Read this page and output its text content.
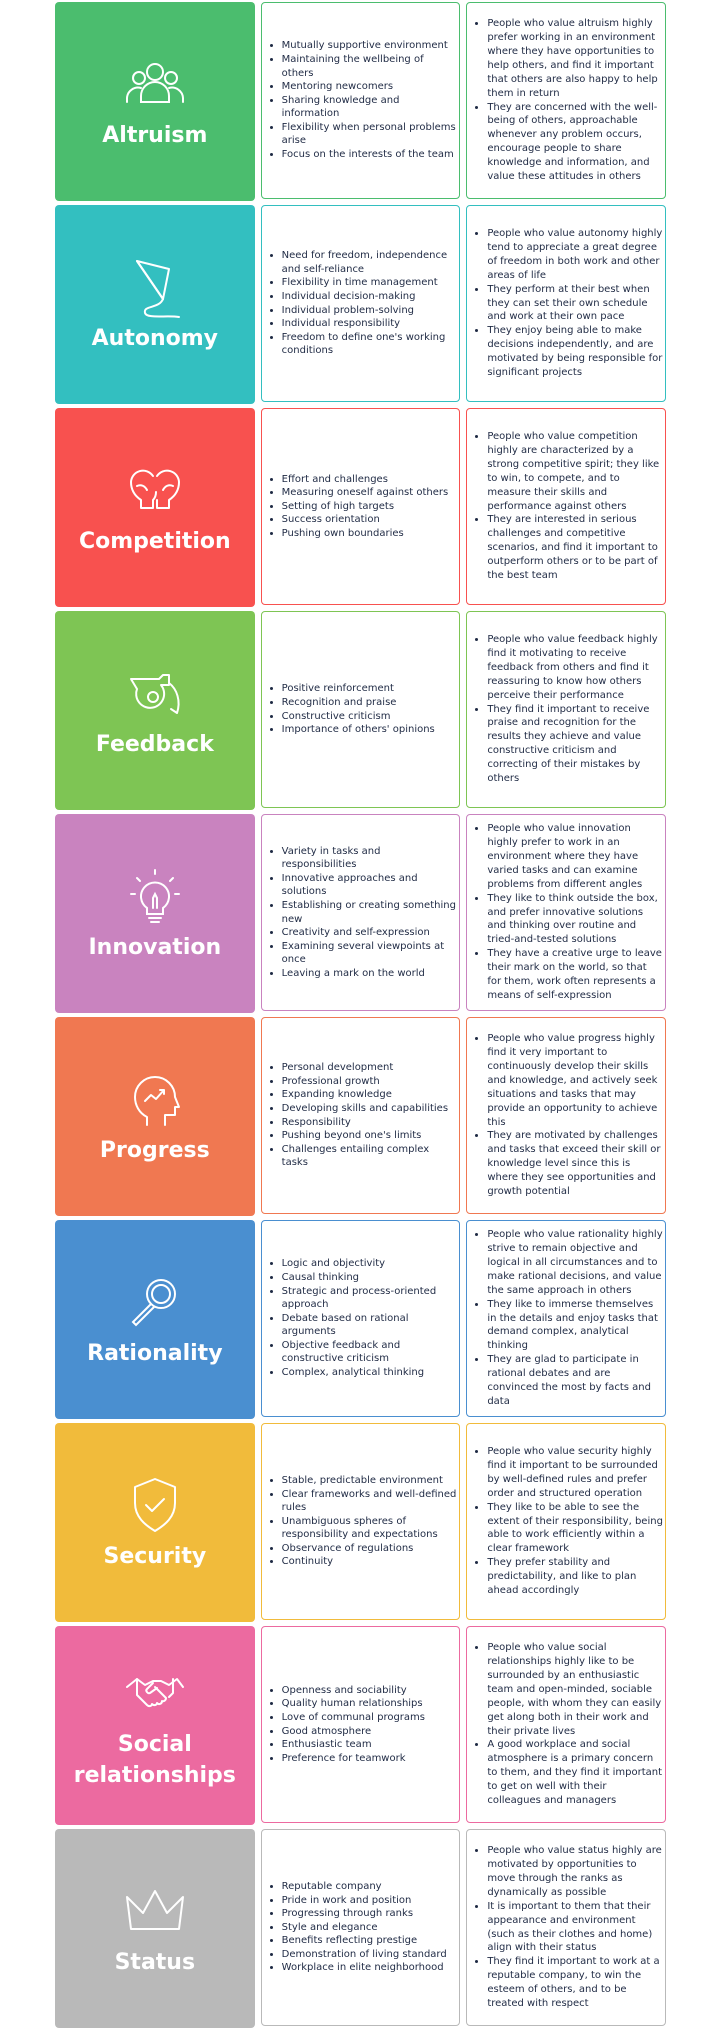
Altruism
• Mutually supportive environment
• Maintaining the wellbeing of others
• Mentoring newcomers
• Sharing knowledge and information
• Flexibility when personal problems arise
• Focus on the interests of the team
• People who value altruism highly prefer working in an environment where they have opportunities to help others, and find it important that others are also happy to help them in return
• They are concerned with the well-being of others, approachable whenever any problem occurs, encourage people to share knowledge and information, and value these attitudes in others
Autonomy
• Need for freedom, independence and self-reliance
• Flexibility in time management
• Individual decision-making
• Individual problem-solving
• Individual responsibility
• Freedom to define one's working conditions
• People who value autonomy highly tend to appreciate a great degree of freedom in both work and other areas of life
• They perform at their best when they can set their own schedule and work at their own pace
• They enjoy being able to make decisions independently, and are motivated by being responsible for significant projects
Competition
• Effort and challenges
• Measuring oneself against others
• Setting of high targets
• Success orientation
• Pushing own boundaries
• People who value competition highly are characterized by a strong competitive spirit; they like to win, to compete, and to measure their skills and performance against others
• They are interested in serious challenges and competitive scenarios, and find it important to outperform others or to be part of the best team
Feedback
• Positive reinforcement
• Recognition and praise
• Constructive criticism
• Importance of others' opinions
• People who value feedback highly find it motivating to receive feedback from others and find it reassuring to know how others perceive their performance
• They find it important to receive praise and recognition for the results they achieve and value constructive criticism and correcting of their mistakes by others
Innovation
• Variety in tasks and responsibilities
• Innovative approaches and solutions
• Establishing or creating something new
• Creativity and self-expression
• Examining several viewpoints at once
• Leaving a mark on the world
• People who value innovation highly prefer to work in an environment where they have varied tasks and can examine problems from different angles
• They like to think outside the box, and prefer innovative solutions and thinking over routine and tried-and-tested solutions
• They have a creative urge to leave their mark on the world, so that for them, work often represents a means of self-expression
Progress
• Personal development
• Professional growth
• Expanding knowledge
• Developing skills and capabilities
• Responsibility
• Pushing beyond one's limits
• Challenges entailing complex tasks
• People who value progress highly find it very important to continuously develop their skills and knowledge, and actively seek situations and tasks that may provide an opportunity to achieve this
• They are motivated by challenges and tasks that exceed their skill or knowledge level since this is where they see opportunities and growth potential
Rationality
• Logic and objectivity
• Causal thinking
• Strategic and process-oriented approach
• Debate based on rational arguments
• Objective feedback and constructive criticism
• Complex, analytical thinking
• People who value rationality highly strive to remain objective and logical in all circumstances and to make rational decisions, and value the same approach in others
• They like to immerse themselves in the details and enjoy tasks that demand complex, analytical thinking
• They are glad to participate in rational debates and are convinced the most by facts and data
Security
• Stable, predictable environment
• Clear frameworks and well-defined rules
• Unambiguous spheres of responsibility and expectations
• Observance of regulations
• Continuity
• People who value security highly find it important to be surrounded by well-defined rules and prefer order and structured operation
• They like to be able to see the extent of their responsibility, being able to work efficiently within a clear framework
• They prefer stability and predictability, and like to plan ahead accordingly
Social relationships
• Openness and sociability
• Quality human relationships
• Love of communal programs
• Good atmosphere
• Enthusiastic team
• Preference for teamwork
• People who value social relationships highly like to be surrounded by an enthusiastic team and open-minded, sociable people, with whom they can easily get along both in their work and their private lives
• A good workplace and social atmosphere is a primary concern to them, and they find it important to get on well with their colleagues and managers
Status
• Reputable company
• Pride in work and position
• Progressing through ranks
• Style and elegance
• Benefits reflecting prestige
• Demonstration of living standard
• Workplace in elite neighborhood
• People who value status highly are motivated by opportunities to move through the ranks as dynamically as possible
• It is important to them that their appearance and environment (such as their clothes and home) align with their status
• They find it important to work at a reputable company, to win the esteem of others, and to be treated with respect
